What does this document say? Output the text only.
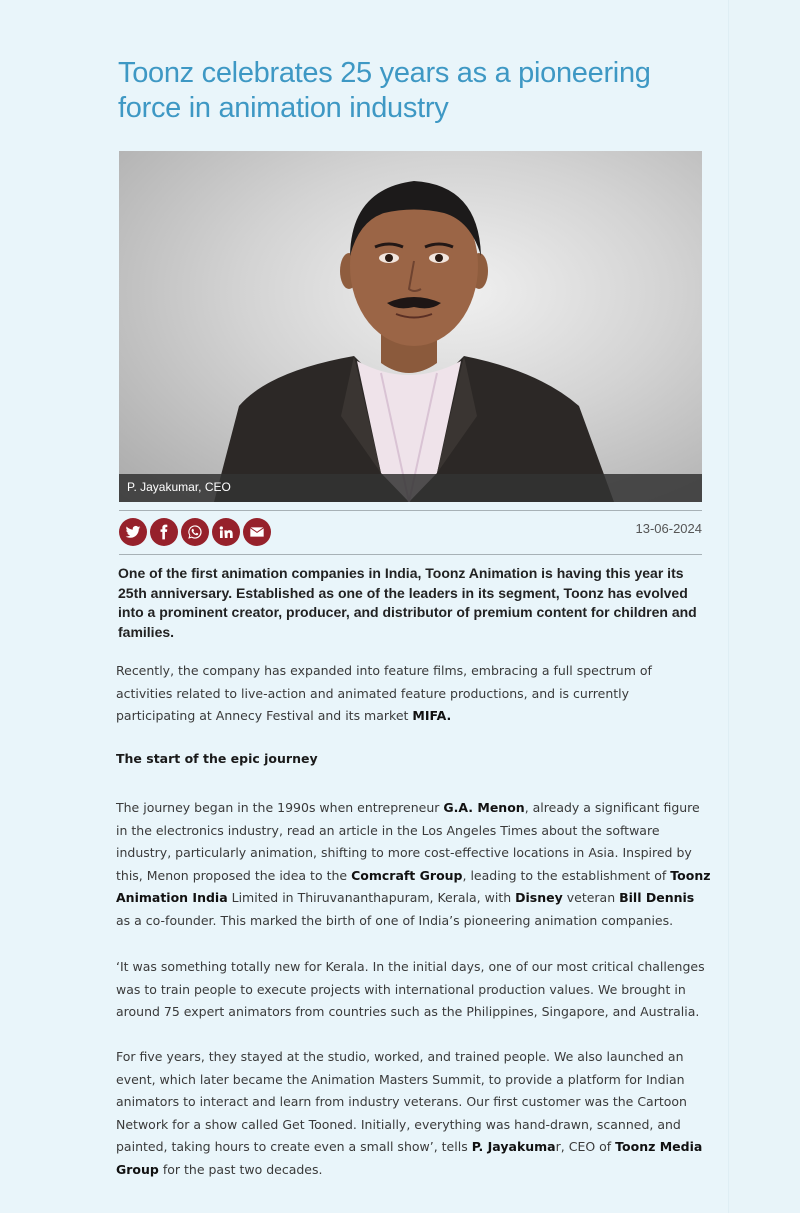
Toonz celebrates 25 years as a pioneering force in animation industry
P. Jayakumar, CEO
13-06-2024

One of the first animation companies in India, Toonz Animation is having this year its 25th anniversary. Established as one of the leaders in its segment, Toonz has evolved into a prominent creator, producer, and distributor of premium content for children and families.

Recently, the company has expanded into feature films, embracing a full spectrum of activities related to live-action and animated feature productions, and is currently participating at Annecy Festival and its market MIFA.

The start of the epic journey

The journey began in the 1990s when entrepreneur G.A. Menon, already a significant figure in the electronics industry, read an article in the Los Angeles Times about the software industry, particularly animation, shifting to more cost-effective locations in Asia. Inspired by this, Menon proposed the idea to the Comcraft Group, leading to the establishment of Toonz Animation India Limited in Thiruvananthapuram, Kerala, with Disney veteran Bill Dennis as a co-founder. This marked the birth of one of India’s pioneering animation companies.

‘It was something totally new for Kerala. In the initial days, one of our most critical challenges was to train people to execute projects with international production values. We brought in around 75 expert animators from countries such as the Philippines, Singapore, and Australia.

For five years, they stayed at the studio, worked, and trained people. We also launched an event, which later became the Animation Masters Summit, to provide a platform for Indian animators to interact and learn from industry veterans. Our first customer was the Cartoon Network for a show called Get Tooned. Initially, everything was hand-drawn, scanned, and painted, taking hours to create even a small show’, tells P. Jayakumar, CEO of Toonz Media Group for the past two decades.
